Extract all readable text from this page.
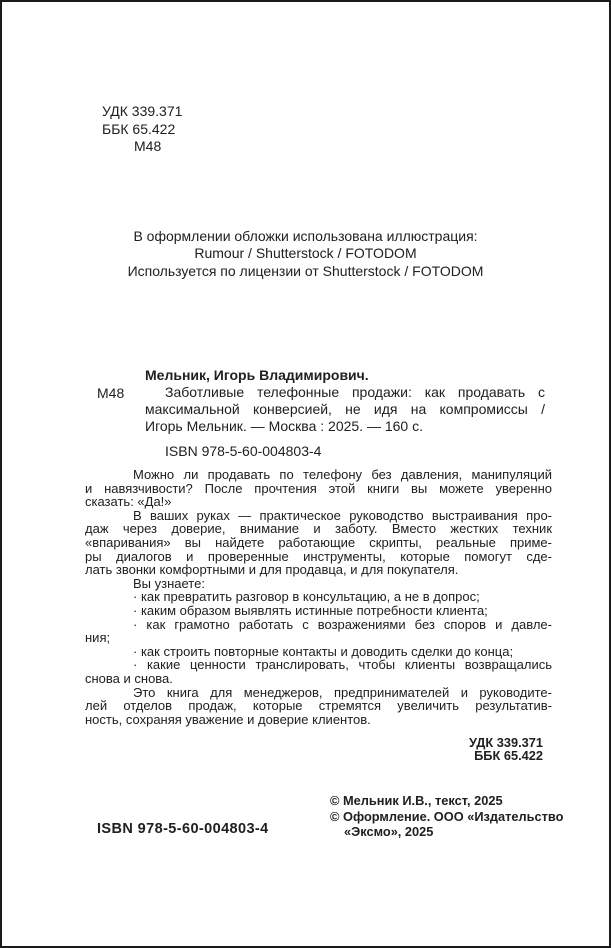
УДК 339.371
ББК 65.422
М48
В оформлении обложки использована иллюстрация:
Rumour / Shutterstock / FOTODOM
Используется по лицензии от Shutterstock / FOTODOM
Мельник, Игорь Владимирович.
М48	Заботливые телефонные продажи: как продавать с
максимальной конверсией, не идя на компромиссы /
Игорь Мельник. — Москва : 2025. — 160 с.
ISBN 978-5-60-004803-4
Можно ли продавать по телефону без давления, манипуляций
и навязчивости? После прочтения этой книги вы можете уверенно
сказать: «Да!»
В ваших руках — практическое руководство выстраивания про-
даж через доверие, внимание и заботу. Вместо жестких техник
«впаривания» вы найдете работающие скрипты, реальные приме-
ры диалогов и проверенные инструменты, которые помогут сде-
лать звонки комфортными и для продавца, и для покупателя.
Вы узнаете:
· как превратить разговор в консультацию, а не в допрос;
· каким образом выявлять истинные потребности клиента;
· как грамотно работать с возражениями без споров и давле-
ния;
· как строить повторные контакты и доводить сделки до конца;
· какие ценности транслировать, чтобы клиенты возвращались
снова и снова.
Это книга для менеджеров, предпринимателей и руководите-
лей отделов продаж, которые стремятся увеличить результатив-
ность, сохраняя уважение и доверие клиентов.
УДК 339.371
ББК 65.422
© Мельник И.В., текст, 2025
© Оформление. ООО «Издательство
«Эксмо», 2025
ISBN 978-5-60-004803-4
